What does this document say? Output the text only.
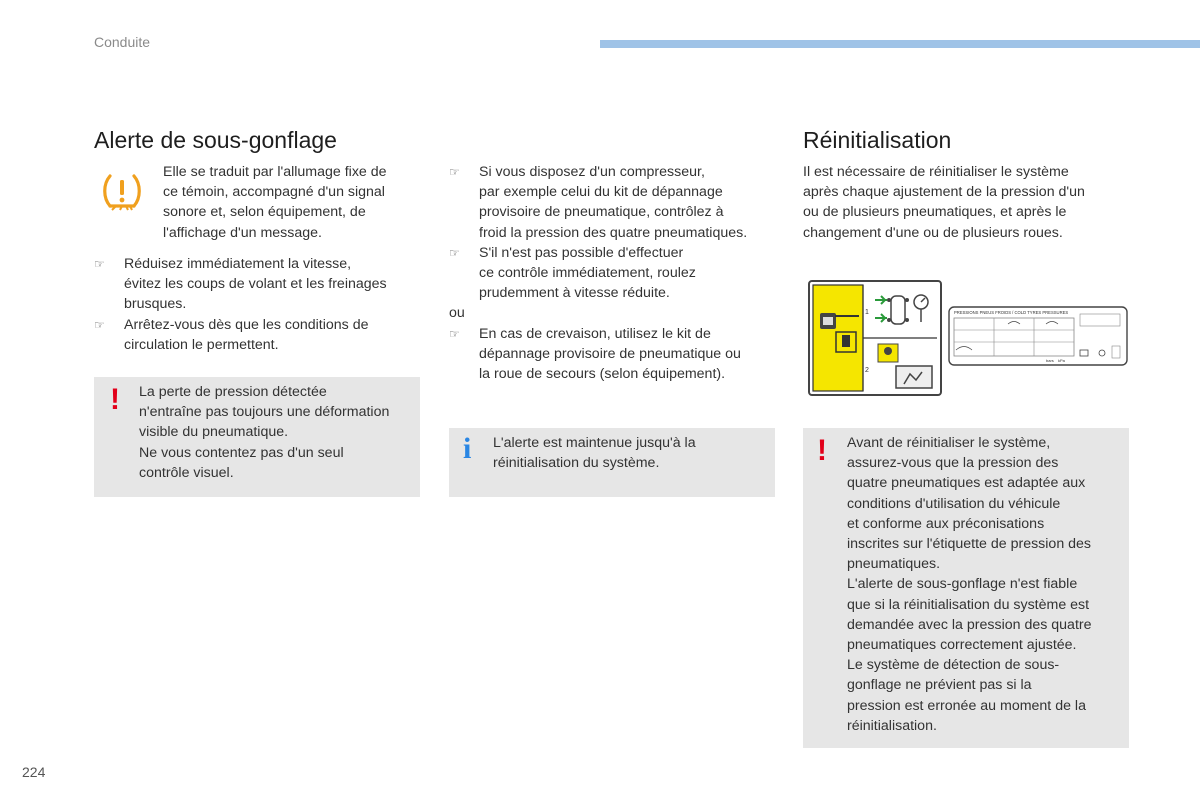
Conduite
Alerte de sous-gonflage

Elle se traduit par l'allumage fixe de

ce témoin, accompagné d'un signal

sonore et, selon équipement, de

l'affichage d'un message.

☞ Réduisez immédiatement la vitesse,

évitez les coups de volant et les freinages

brusques.

☞ Arrêtez-vous dès que les conditions de

circulation le permettent.

! La perte de pression détectée

n'entraîne pas toujours une déformation

visible du pneumatique.

Ne vous contentez pas d'un seul

contrôle visuel.

☞ Si vous disposez d'un compresseur,

par exemple celui du kit de dépannage

provisoire de pneumatique, contrôlez à

froid la pression des quatre pneumatiques.

☞ S'il n'est pas possible d'effectuer

ce contrôle immédiatement, roulez

prudemment à vitesse réduite.

ou

☞ En cas de crevaison, utilisez le kit de

dépannage provisoire de pneumatique ou

la roue de secours (selon équipement).

i L'alerte est maintenue jusqu'à la

réinitialisation du système.

Réinitialisation

Il est nécessaire de réinitialiser le système

après chaque ajustement de la pression d'un

ou de plusieurs pneumatiques, et après le

changement d'une ou de plusieurs roues.

1
2
PRESSIONS PNEUS FROIDS / COLD TYRES PRESSURES
bars kPa
! Avant de réinitialiser le système,

assurez-vous que la pression des

quatre pneumatiques est adaptée aux

conditions d'utilisation du véhicule

et conforme aux préconisations

inscrites sur l'étiquette de pression des

pneumatiques.

L'alerte de sous-gonflage n'est fiable

que si la réinitialisation du système est

demandée avec la pression des quatre

pneumatiques correctement ajustée.

Le système de détection de sous-

gonflage ne prévient pas si la

pression est erronée au moment de la

réinitialisation.

224
